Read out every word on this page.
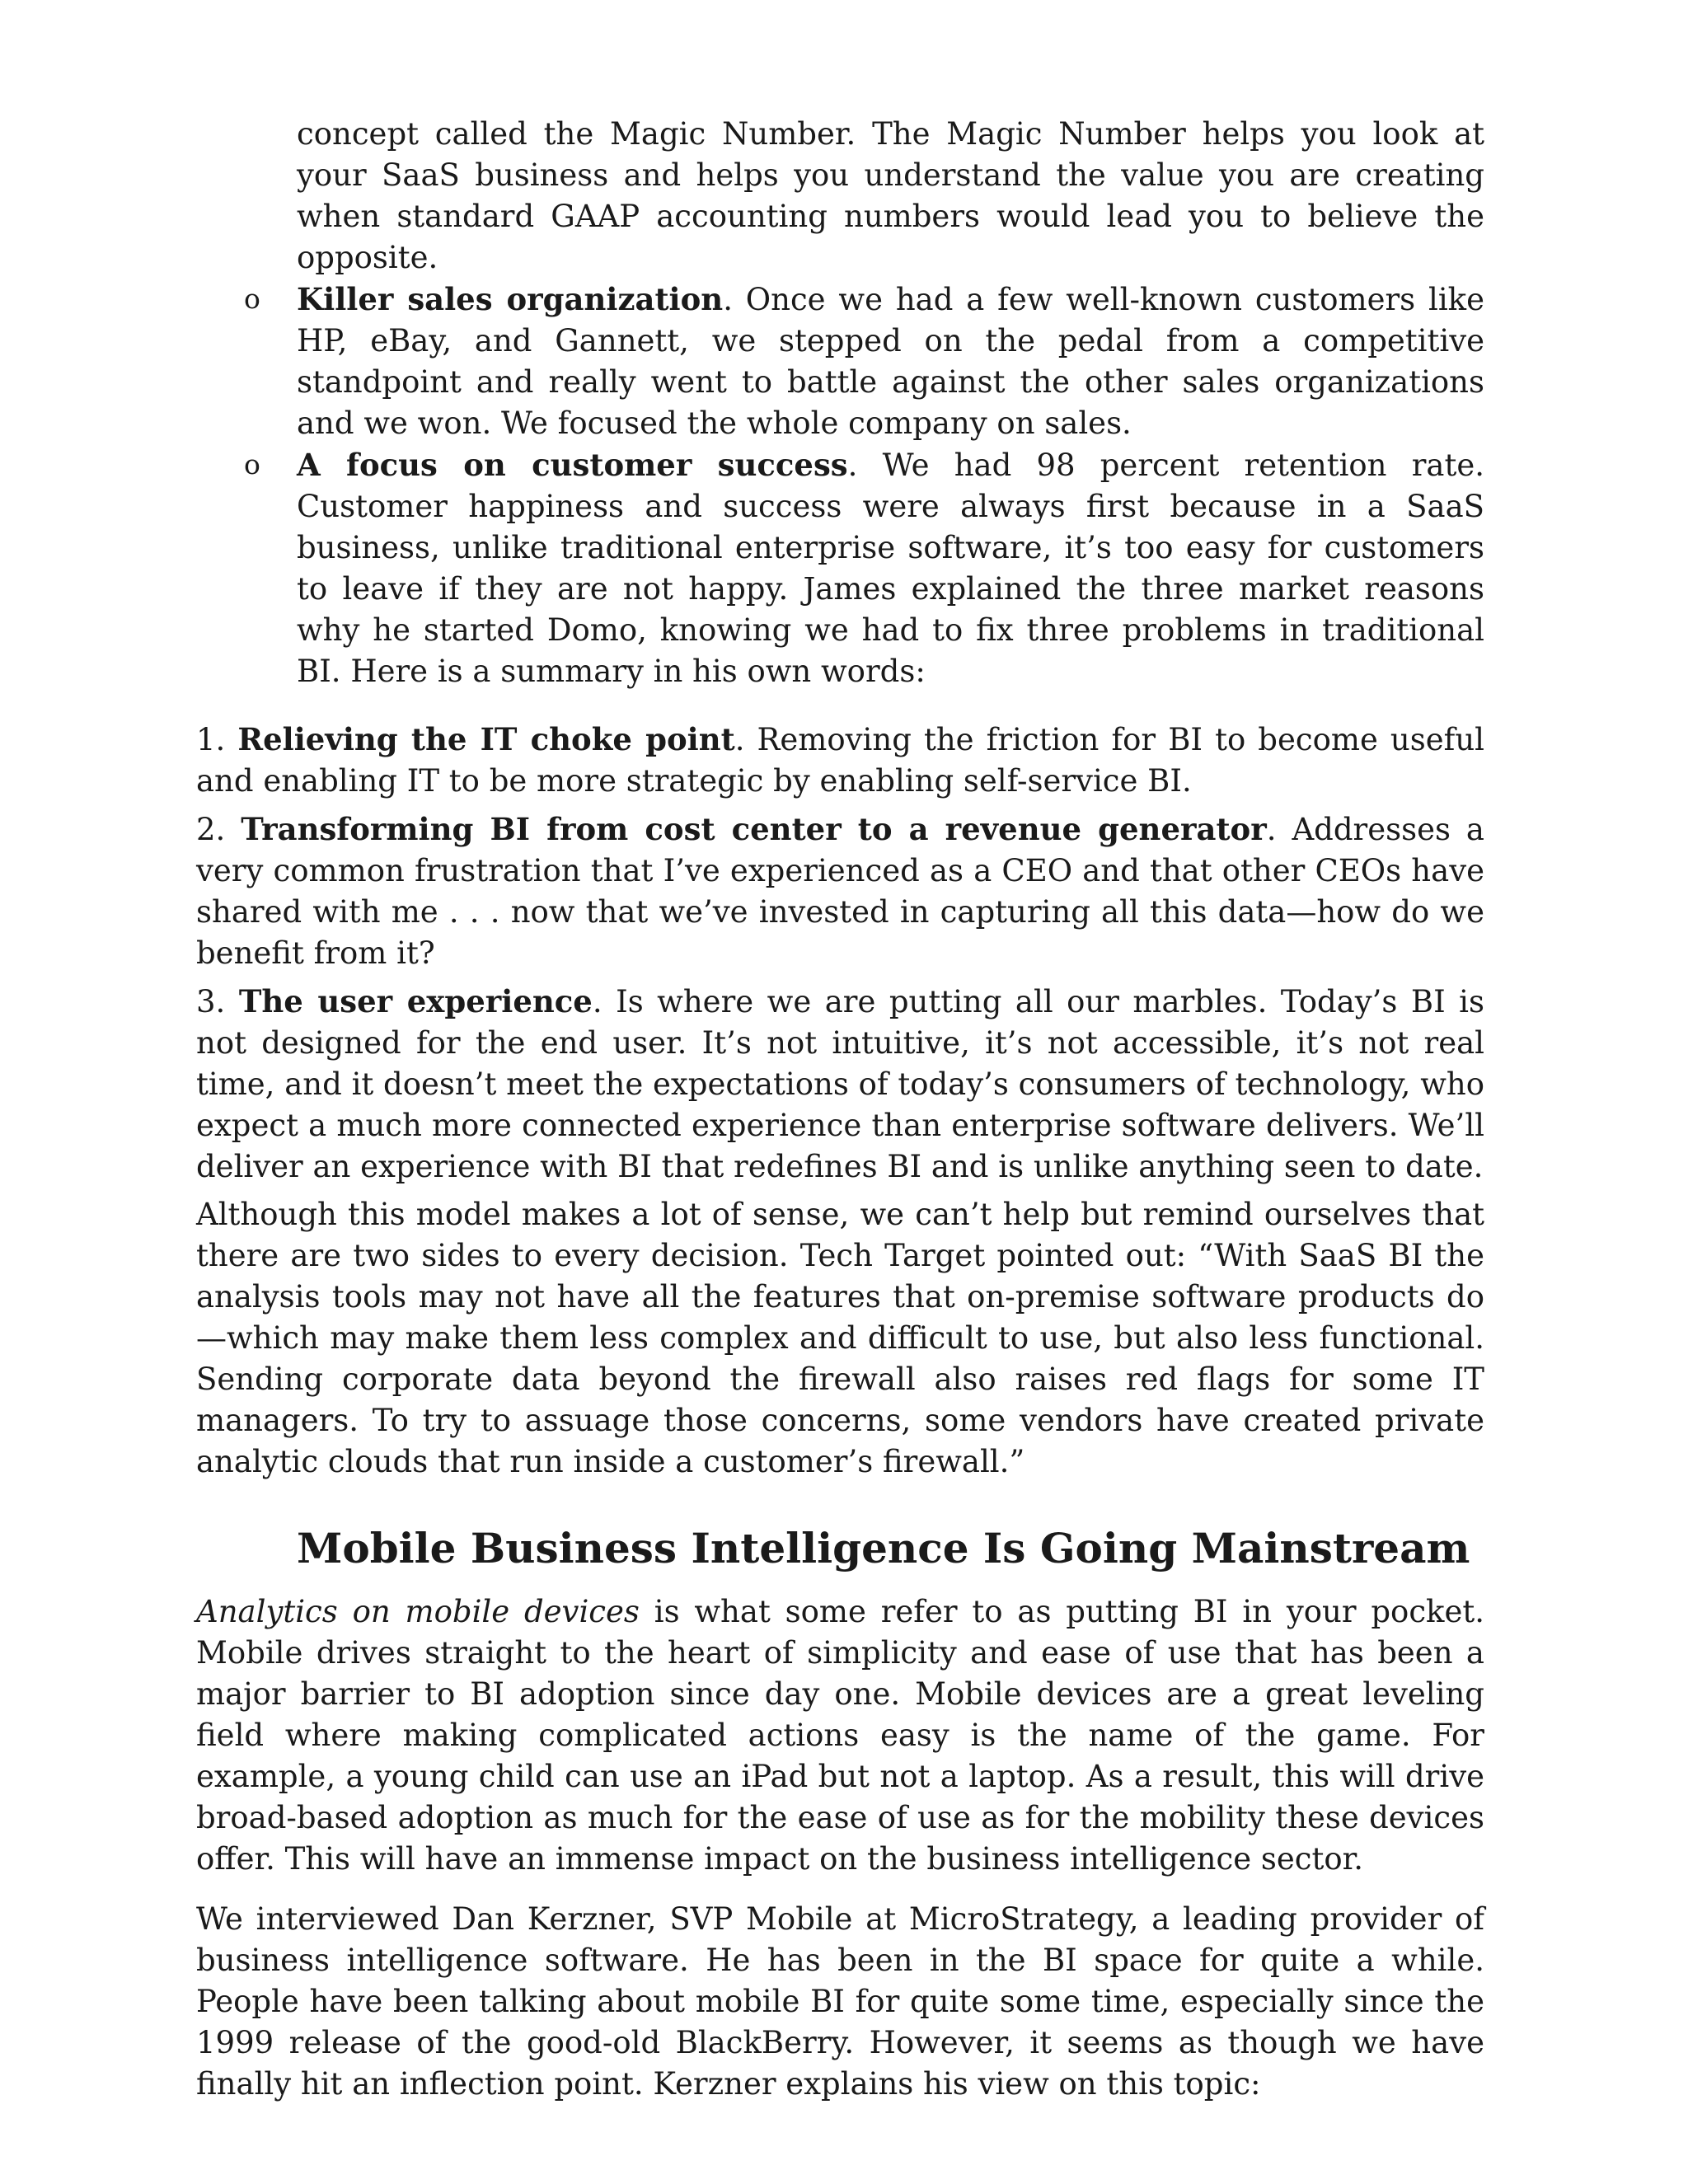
concept called the Magic Number. The Magic Number helps you look at your SaaS business and helps you understand the value you are creating when standard GAAP accounting numbers would lead you to believe the opposite.

o Killer sales organization. Once we had a few well-known customers like HP, eBay, and Gannett, we stepped on the pedal from a competitive standpoint and really went to battle against the other sales organizations and we won. We focused the whole company on sales.

o A focus on customer success. We had 98 percent retention rate. Customer happiness and success were always first because in a SaaS business, unlike traditional enterprise software, it’s too easy for customers to leave if they are not happy. James explained the three market reasons why he started Domo, knowing we had to fix three problems in traditional BI. Here is a summary in his own words:

1. Relieving the IT choke point. Removing the friction for BI to become useful and enabling IT to be more strategic by enabling self-service BI.

2. Transforming BI from cost center to a revenue generator. Addresses a very common frustration that I’ve experienced as a CEO and that other CEOs have shared with me . . . now that we’ve invested in capturing all this data—how do we benefit from it?

3. The user experience. Is where we are putting all our marbles. Today’s BI is not designed for the end user. It’s not intuitive, it’s not accessible, it’s not real time, and it doesn’t meet the expectations of today’s consumers of technology, who expect a much more connected experience than enterprise software delivers. We’ll deliver an experience with BI that redefines BI and is unlike anything seen to date.

Although this model makes a lot of sense, we can’t help but remind ourselves that there are two sides to every decision. Tech Target pointed out: “With SaaS BI the analysis tools may not have all the features that on-premise software products do—which may make them less complex and difficult to use, but also less functional. Sending corporate data beyond the firewall also raises red flags for some IT managers. To try to assuage those concerns, some vendors have created private analytic clouds that run inside a customer’s firewall.”

Mobile Business Intelligence Is Going Mainstream

Analytics on mobile devices is what some refer to as putting BI in your pocket. Mobile drives straight to the heart of simplicity and ease of use that has been a major barrier to BI adoption since day one. Mobile devices are a great leveling field where making complicated actions easy is the name of the game. For example, a young child can use an iPad but not a laptop. As a result, this will drive broad-based adoption as much for the ease of use as for the mobility these devices offer. This will have an immense impact on the business intelligence sector.

We interviewed Dan Kerzner, SVP Mobile at MicroStrategy, a leading provider of business intelligence software. He has been in the BI space for quite a while. People have been talking about mobile BI for quite some time, especially since the 1999 release of the good-old BlackBerry. However, it seems as though we have finally hit an inflection point. Kerzner explains his view on this topic:
